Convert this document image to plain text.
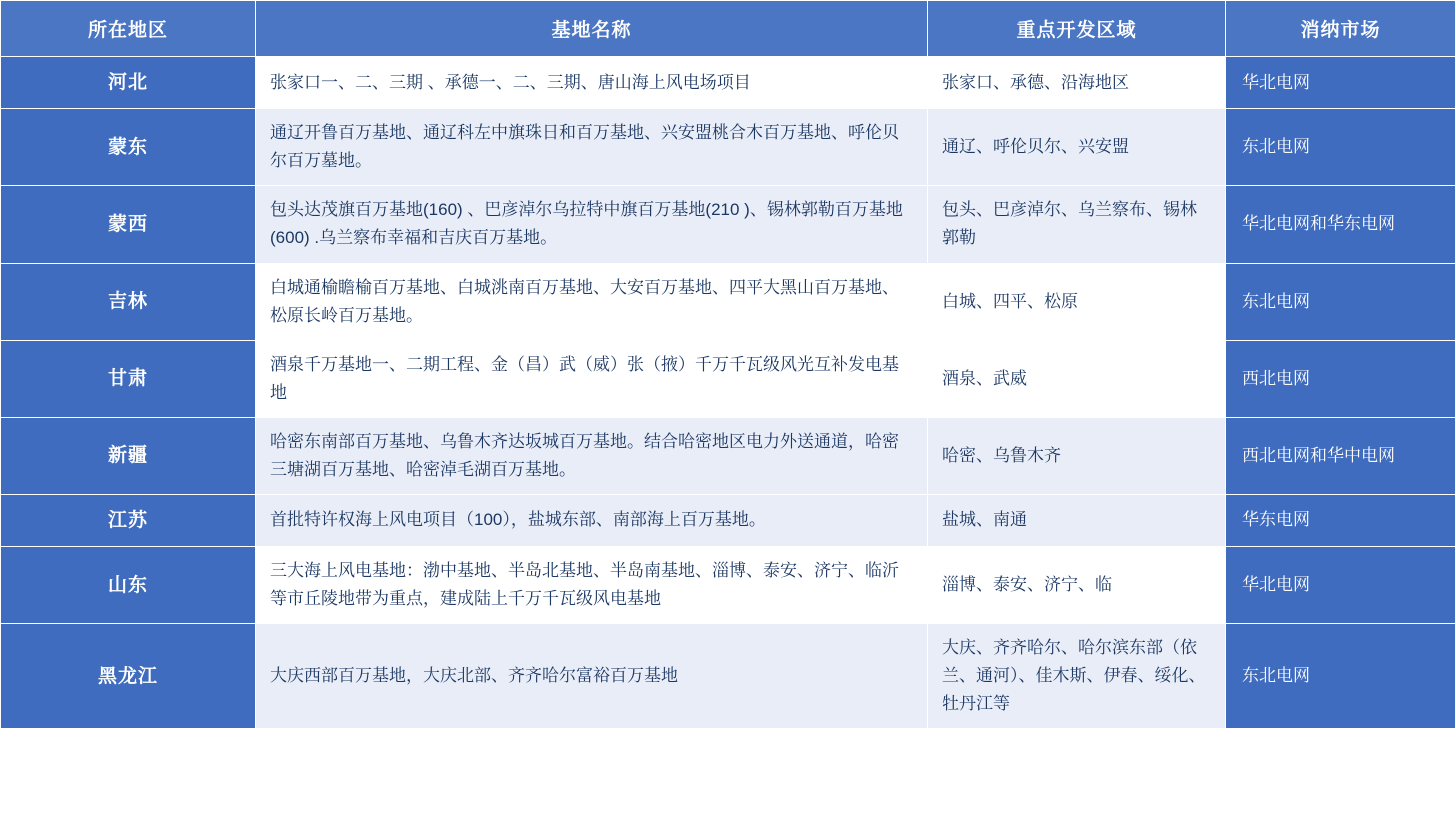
所在地区	基地名称	重点开发区域	消纳市场
河北	张家口一、二、三期 、承德一、二、三期、唐山海上风电场项目	张家口、承德、沿海地区	华北电网
蒙东	通辽开鲁百万基地、通辽科左中旗珠日和百万基地、兴安盟桃合木百万基地、呼伦贝尔百万墓地。	通辽、呼伦贝尔、兴安盟	东北电网
蒙西	包头达茂旗百万基地(160) 、巴彦淖尔乌拉特中旗百万基地(210 )、锡林郭勒百万基地(600) .乌兰察布幸福和吉庆百万基地。	包头、巴彦淖尔、乌兰察布、锡林郭勒	华北电网和华东电网
吉林	白城通榆瞻榆百万基地、白城洮南百万基地、大安百万基地、四平大黑山百万基地、松原长岭百万基地。	白城、四平、松原	东北电网
甘肃	酒泉千万基地一、二期工程、金（昌）武（威）张（掖）千万千瓦级风光互补发电基地	酒泉、武威	西北电网
新疆	哈密东南部百万基地、乌鲁木齐达坂城百万基地。结合哈密地区电力外送通道，哈密三塘湖百万基地、哈密淖毛湖百万基地。	哈密、乌鲁木齐	西北电网和华中电网
江苏	首批特许权海上风电项目（100），盐城东部、南部海上百万基地。	盐城、南通	华东电网
山东	三大海上风电基地：渤中基地、半岛北基地、半岛南基地、淄博、泰安、济宁、临沂等市丘陵地带为重点，建成陆上千万千瓦级风电基地	淄博、泰安、济宁、临	华北电网
黑龙江	大庆西部百万基地，大庆北部、齐齐哈尔富裕百万基地	大庆、齐齐哈尔、哈尔滨东部（依兰、通河）、佳木斯、伊春、绥化、牡丹江等	东北电网
